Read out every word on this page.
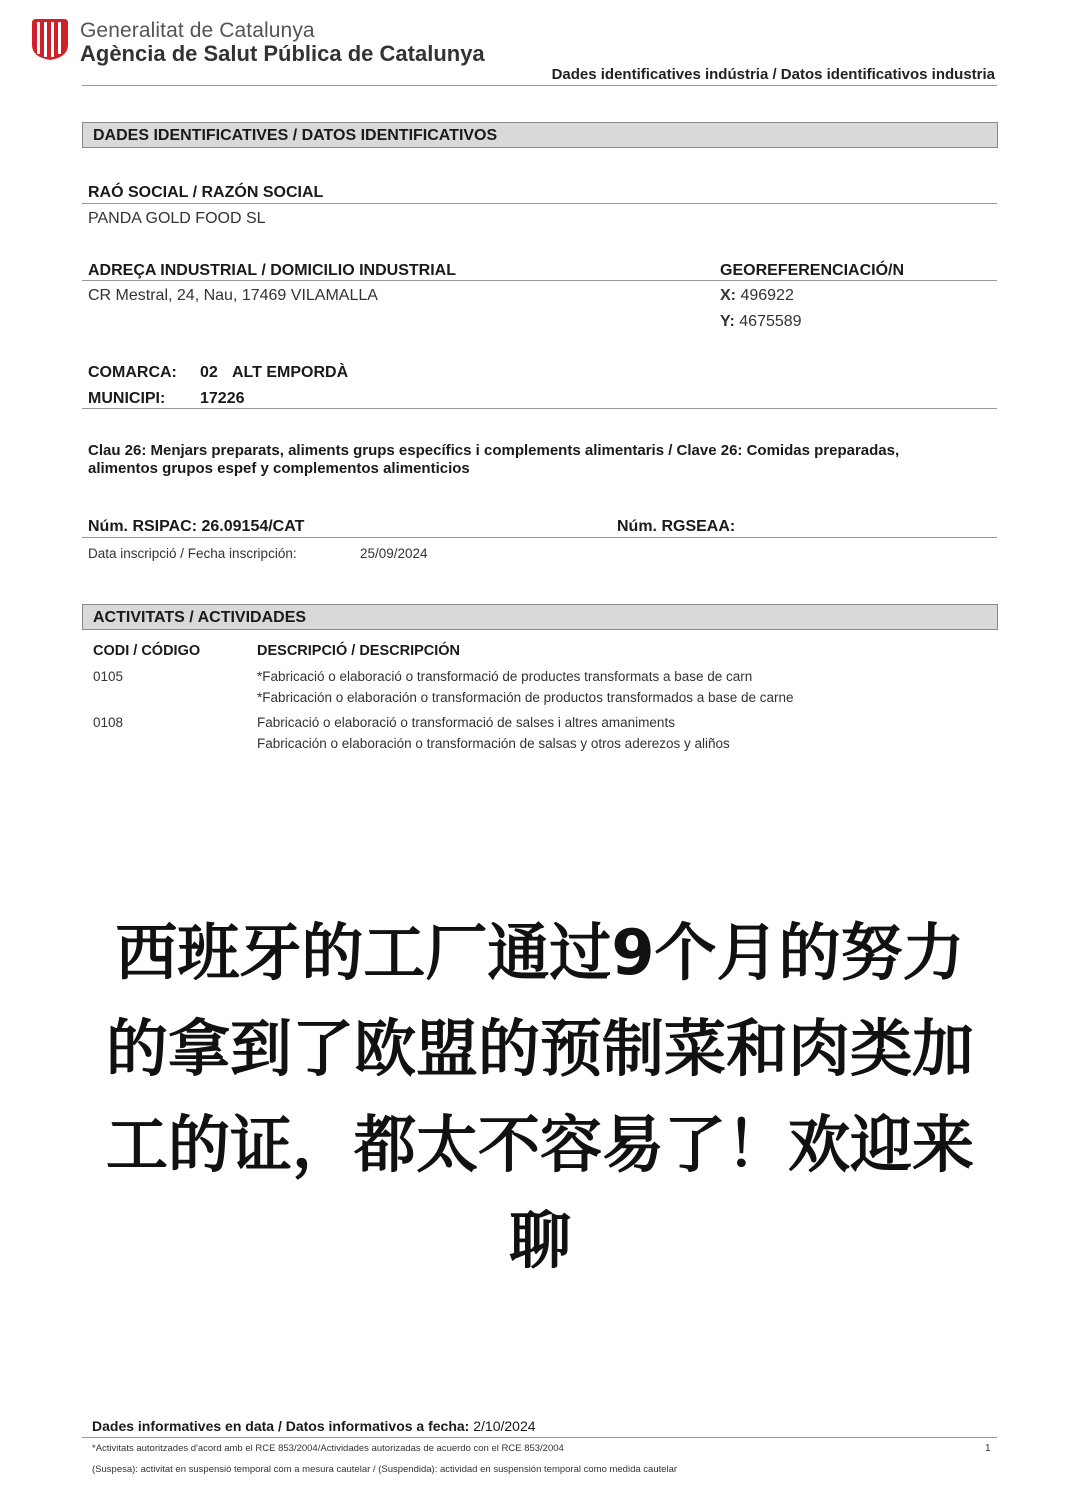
Generalitat de Catalunya
Agència de Salut Pública de Catalunya
Dades identificatives indústria / Datos identificativos industria
DADES IDENTIFICATIVES / DATOS IDENTIFICATIVOS
RAÓ SOCIAL / RAZÓN SOCIAL
PANDA GOLD FOOD SL
ADREÇA INDUSTRIAL / DOMICILIO INDUSTRIAL	GEOREFERENCIACIÓ/N
CR Mestral, 24, Nau, 17469 VILAMALLA	X: 496922
Y: 4675589
COMARCA: 02 ALT EMPORDÀ
MUNICIPI: 17226
Clau 26: Menjars preparats, aliments grups específics i complements alimentaris / Clave 26: Comidas preparadas,
alimentos grupos espef y complementos alimenticios
Núm. RSIPAC: 26.09154/CAT	Núm. RGSEAA:
Data inscripció / Fecha inscripción:	25/09/2024
ACTIVITATS / ACTIVIDADES
CODI / CÓDIGO	DESCRIPCIÓ / DESCRIPCIÓN
0105	*Fabricació o elaboració o transformació de productes transformats a base de carn
*Fabricación o elaboración o transformación de productos transformados a base de carne
0108	Fabricació o elaboració o transformació de salses i altres amaniments
Fabricación o elaboración o transformación de salsas y otros aderezos y aliños
西班牙的工厂通过9个月的努力
的拿到了欧盟的预制菜和肉类加
工的证，都太不容易了！欢迎来
聊
Dades informatives en data / Datos informativos a fecha: 2/10/2024
*Activitats autoritzades d'acord amb el RCE 853/2004/Actividades autorizadas de acuerdo con el RCE 853/2004	1
(Suspesa): activitat en suspensió temporal com a mesura cautelar / (Suspendida): actividad en suspensión temporal como medida cautelar
